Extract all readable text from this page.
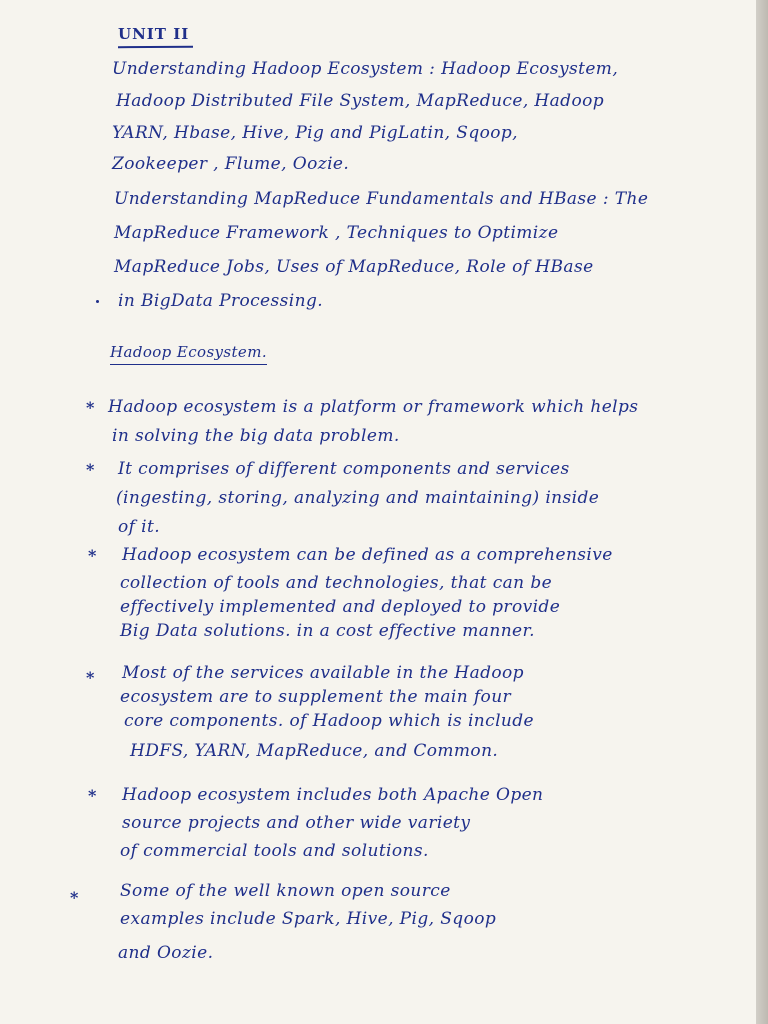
UNIT II
Understanding Hadoop Ecosystem : Hadoop Ecosystem,
Hadoop Distributed File System, MapReduce, Hadoop
YARN, Hbase, Hive, Pig and PigLatin, Sqoop,
Zookeeper , Flume, Oozie.
Understanding MapReduce Fundamentals and HBase : The
MapReduce Framework , Techniques to Optimize
MapReduce Jobs, Uses of MapReduce, Role of HBase
in BigData Processing.
Hadoop Ecosystem.
* Hadoop ecosystem is a platform or framework which helps
in solving the big data problem.
* It comprises of different components and services
(ingesting, storing, analyzing and maintaining) inside
of it.
* Hadoop ecosystem can be defined as a comprehensive
collection of tools and technologies, that can be
effectively implemented and deployed to provide
Big Data solutions. in a cost effective manner.
* Most of the services available in the Hadoop
ecosystem are to supplement the main four
core components. of Hadoop which is include
HDFS, YARN, MapReduce, and Common.
* Hadoop ecosystem includes both Apache Open
source projects and other wide variety
of commercial tools and solutions.
* Some of the well known open source
examples include Spark, Hive, Pig, Sqoop
and Oozie.
